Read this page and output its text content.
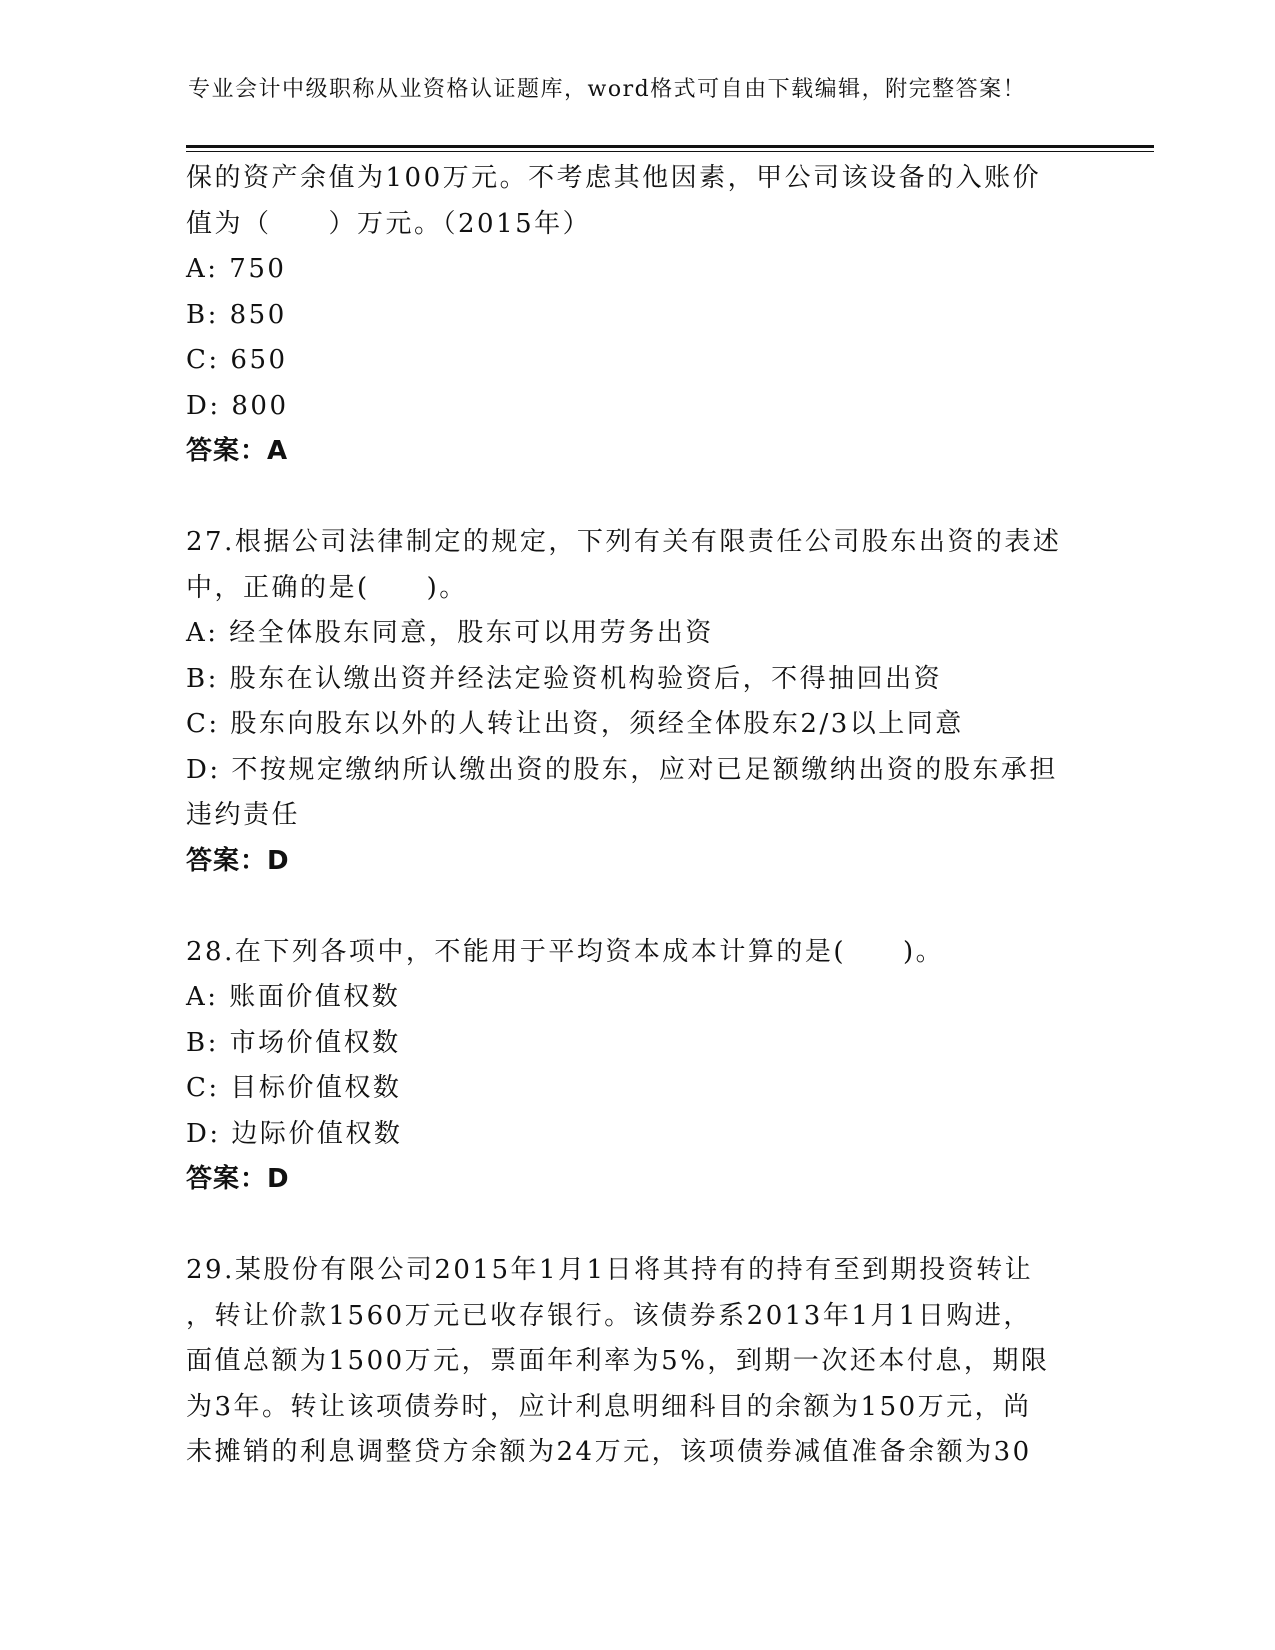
专业会计中级职称从业资格认证题库，word格式可自由下载编辑，附完整答案！
保的资产余值为100万元。不考虑其他因素，甲公司该设备的入账价
值为（　　）万元。（2015年）
A: 750
B: 850
C: 650
D: 800
答案：A
27.根据公司法律制定的规定，下列有关有限责任公司股东出资的表述
中，正确的是(　　)。
A: 经全体股东同意，股东可以用劳务出资
B: 股东在认缴出资并经法定验资机构验资后，不得抽回出资
C: 股东向股东以外的人转让出资，须经全体股东2/3以上同意
D: 不按规定缴纳所认缴出资的股东，应对已足额缴纳出资的股东承担
违约责任
答案：D
28.在下列各项中，不能用于平均资本成本计算的是(　　)。
A: 账面价值权数
B: 市场价值权数
C: 目标价值权数
D: 边际价值权数
答案：D
29.某股份有限公司2015年1月1日将其持有的持有至到期投资转让
，转让价款1560万元已收存银行。该债券系2013年1月1日购进，
面值总额为1500万元，票面年利率为5%，到期一次还本付息，期限
为3年。转让该项债券时，应计利息明细科目的余额为150万元，尚
未摊销的利息调整贷方余额为24万元，该项债券减值准备余额为30
